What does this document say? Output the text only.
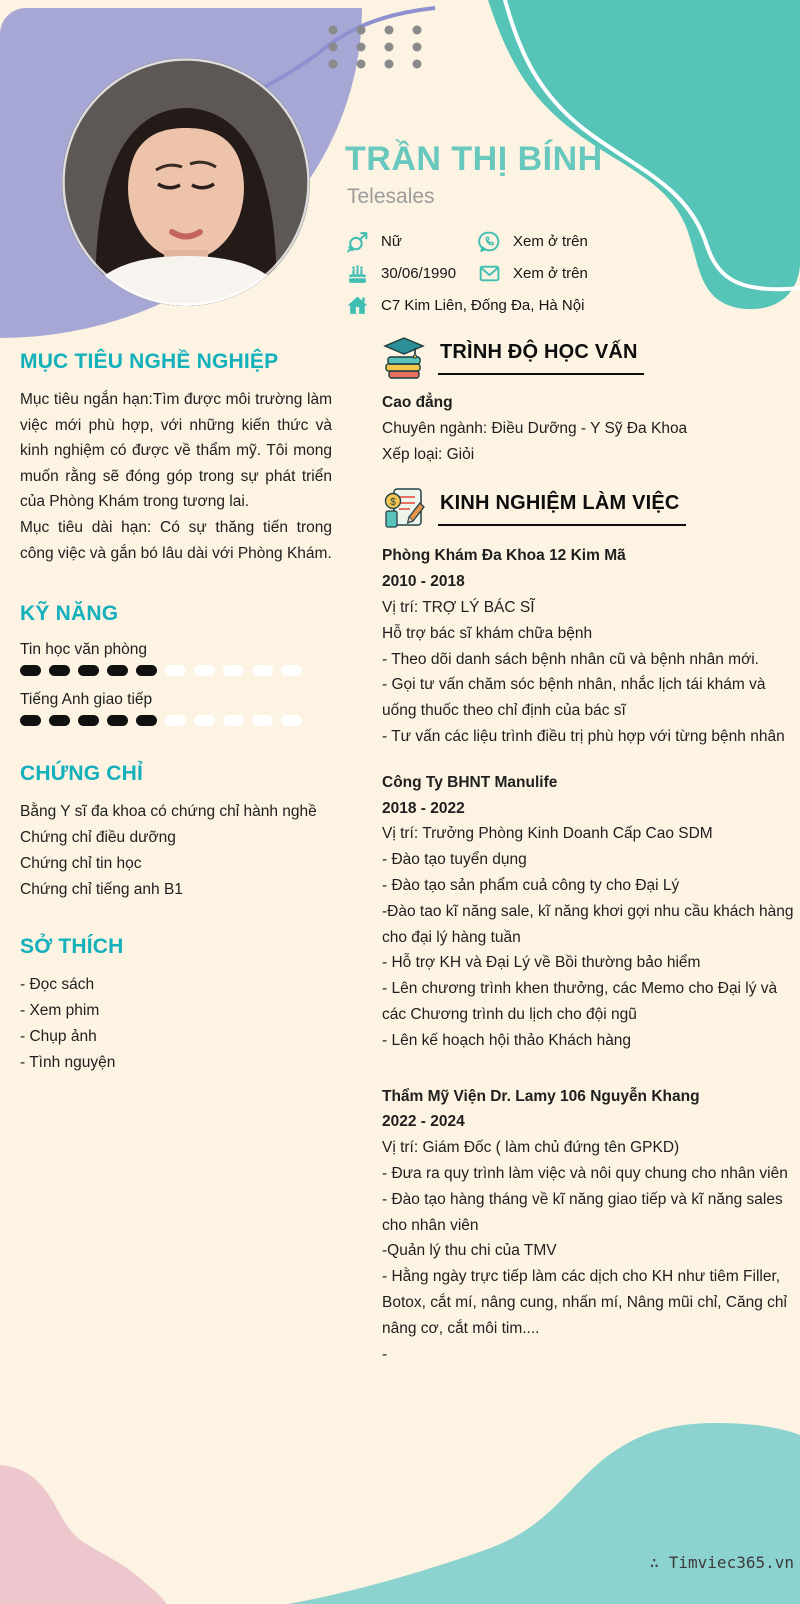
TRẦN THỊ BÍNH
Telesales
Nữ	Xem ở trên
30/06/1990	Xem ở trên
C7 Kim Liên, Đống Đa, Hà Nội
MỤC TIÊU NGHỀ NGHIỆP

Mục tiêu ngắn hạn:Tìm được môi trường làm việc mới phù hợp, với những kiến thức và kinh nghiệm có được về thẩm mỹ. Tôi mong muốn rằng sẽ đóng góp trong sự phát triển của Phòng Khám trong tương lai.

Mục tiêu dài hạn: Có sự thăng tiến trong công việc và gắn bó lâu dài với Phòng Khám.

KỸ NĂNG
Tin học văn phòng
Tiếng Anh giao tiếp
CHỨNG CHỈ

Bằng Y sĩ đa khoa có chứng chỉ hành nghề

Chứng chỉ điều dưỡng

Chứng chỉ tin học

Chứng chỉ tiếng anh B1

SỞ THÍCH

- Đọc sách

- Xem phim

- Chụp ảnh

- Tình nguyện

TRÌNH ĐỘ HỌC VẤN

Cao đẳng

Chuyên ngành: Điều Dưỡng - Y Sỹ Đa Khoa

Xếp loại: Giỏi

$ KINH NGHIỆM LÀM VIỆC

Phòng Khám Đa Khoa 12 Kim Mã

2010 - 2018

Vị trí: TRỢ LÝ BÁC SĨ

Hỗ trợ bác sĩ khám chữa bệnh

- Theo dõi danh sách bệnh nhân cũ và bệnh nhân mới.

- Gọi tư vấn chăm sóc bệnh nhân, nhắc lịch tái khám và uống thuốc theo chỉ định của bác sĩ

- Tư vấn các liệu trình điều trị phù hợp với từng bệnh nhân

Công Ty BHNT Manulife

2018 - 2022

Vị trí: Trưởng Phòng Kinh Doanh Cấp Cao SDM

- Đào tạo tuyển dụng

- Đào tạo sản phẩm cuả công ty cho Đại Lý

-Đào tao kĩ năng sale, kĩ năng khơi gợi nhu cầu khách hàng cho đại lý hàng tuần

- Hỗ trợ KH và Đại Lý về Bồi thường bảo hiểm

- Lên chương trình khen thưởng, các Memo cho Đại lý và các Chương trình du lịch cho đội ngũ

- Lên kế hoạch hội thảo Khách hàng

Thẩm Mỹ Viện Dr. Lamy 106 Nguyễn Khang

2022 - 2024

Vị trí: Giám Đốc ( làm chủ đứng tên GPKD)

- Đưa ra quy trình làm việc và nôi quy chung cho nhân viên

- Đào tạo hàng tháng về kĩ năng giao tiếp và kĩ năng sales cho nhân viên

-Quản lý thu chi của TMV

- Hằng ngày trực tiếp làm các dịch cho KH như tiêm Filler, Botox, cắt mí, nâng cung, nhấn mí, Nâng mũi chỉ, Căng chỉ nâng cơ, cắt môi tim....

-

∴ Timviec365.vn
